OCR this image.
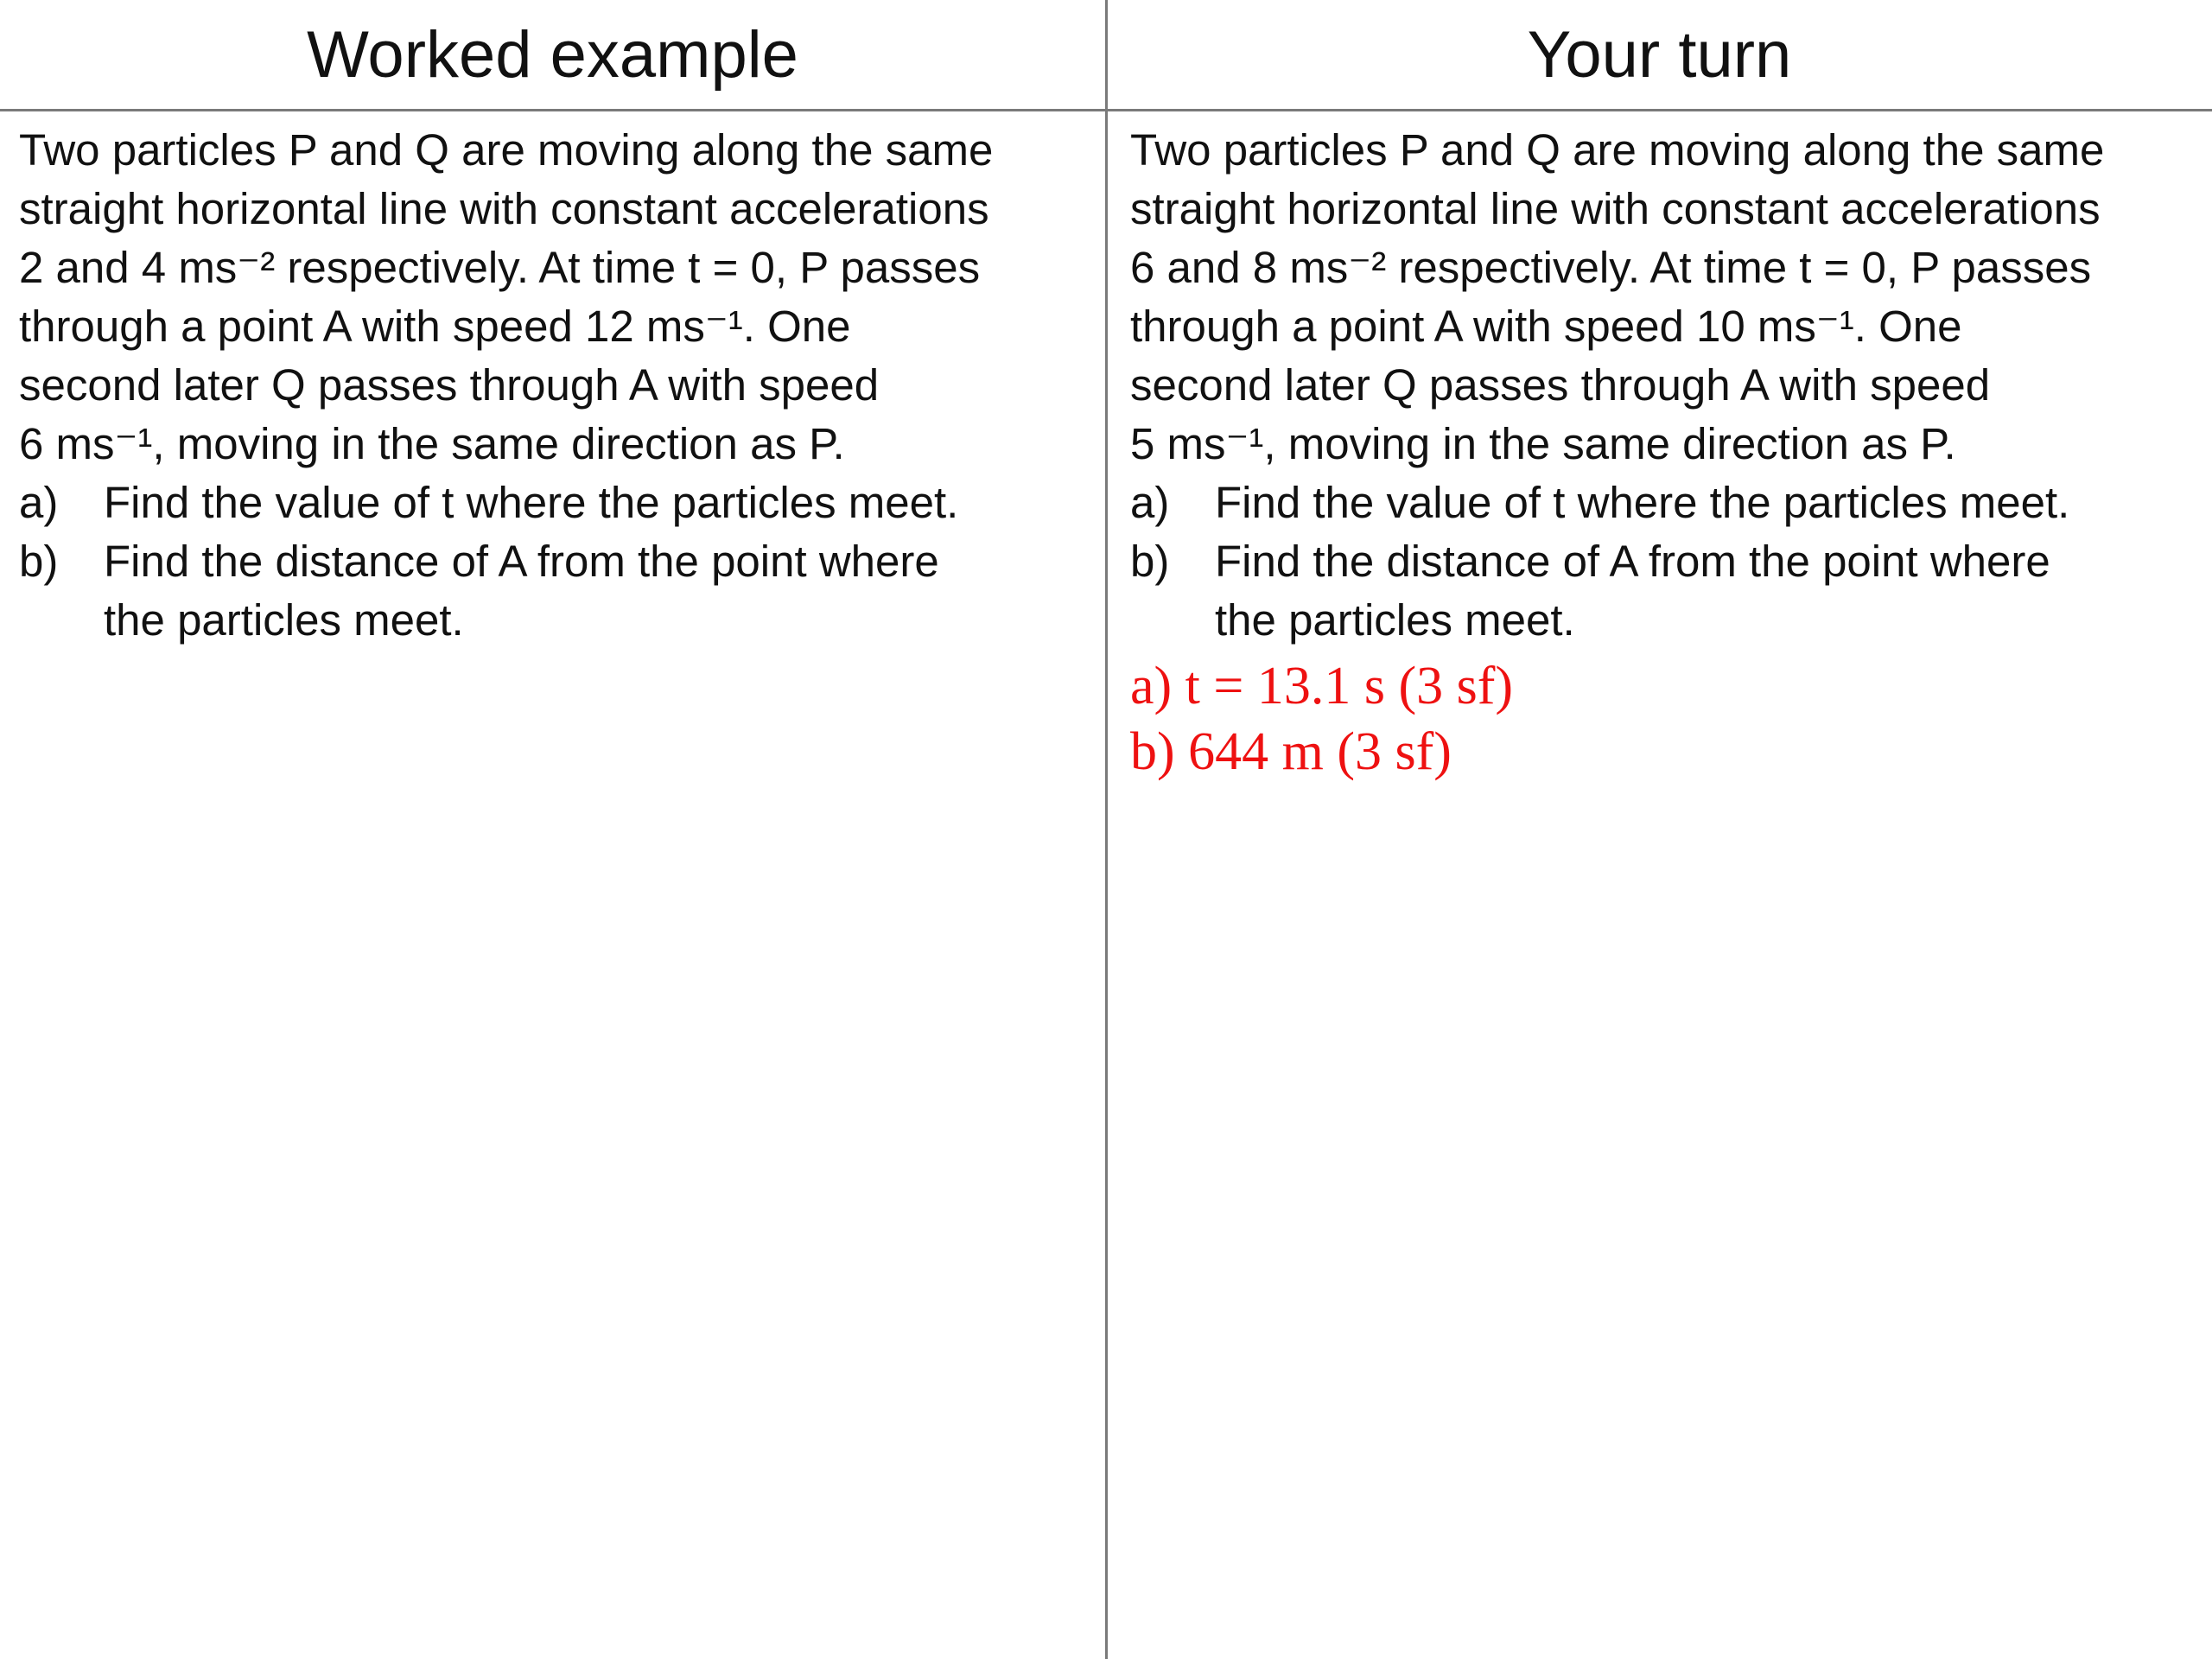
Worked example

Two particles P and Q are moving along the same
straight horizontal line with constant accelerations
2 and 4 ms⁻² respectively. At time t = 0, P passes
through a point A with speed 12 ms⁻¹. One
second later Q passes through A with speed
6 ms⁻¹, moving in the same direction as P.

a)	Find the value of t where the particles meet.
b)	Find the distance of A from the point where
the particles meet.
Your turn

Two particles P and Q are moving along the same
straight horizontal line with constant accelerations
6 and 8 ms⁻² respectively. At time t = 0, P passes
through a point A with speed 10 ms⁻¹. One
second later Q passes through A with speed
5 ms⁻¹, moving in the same direction as P.

a)	Find the value of t where the particles meet.
b)	Find the distance of A from the point where
the particles meet.
a) t = 13.1 s (3 sf)
b) 644 m (3 sf)
